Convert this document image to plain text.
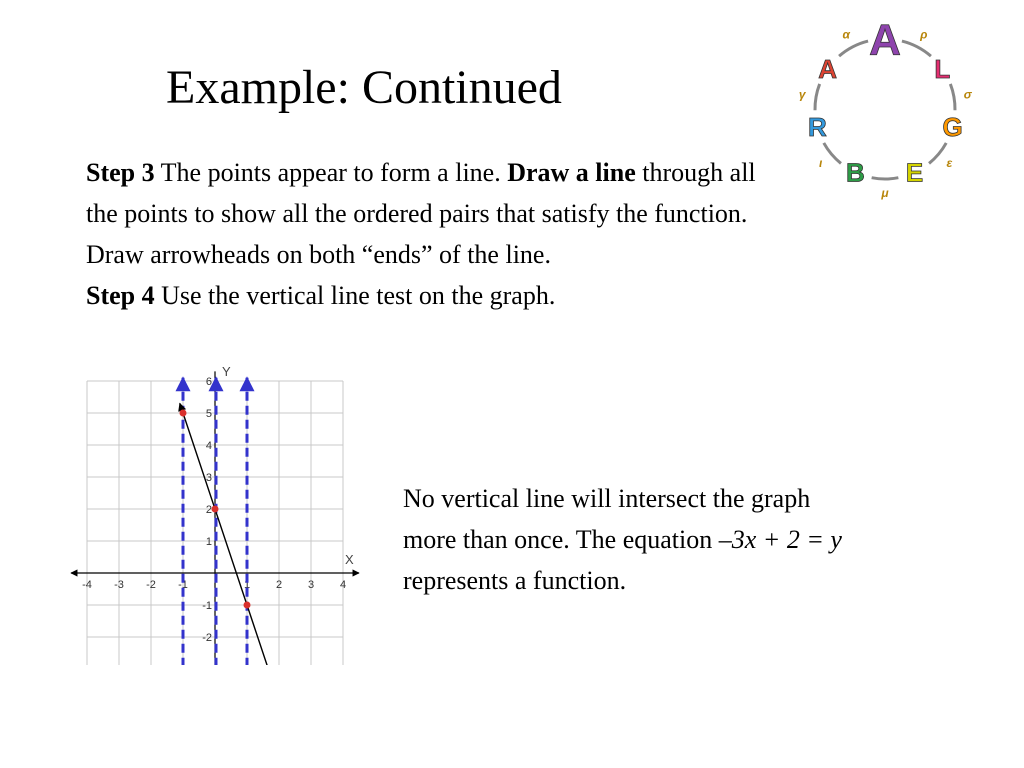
Example: Continued

Step 3 The points appear to form a line. Draw a line through all the points to show all the ordered pairs that satisfy the function. Draw arrowheads on both “ends” of the line.

Step 4 Use the vertical line test on the graph.

No vertical line will intersect the graph

more than once. The equation –3x + 2 = y

represents a function.

-4 -3 -2 -1	1 2 3 4
6
5
4
3
2
1
-1
-2
X
Y
A
L
G
E
B
R
A
ρ
σ
ε
μ
ι
γ
α
